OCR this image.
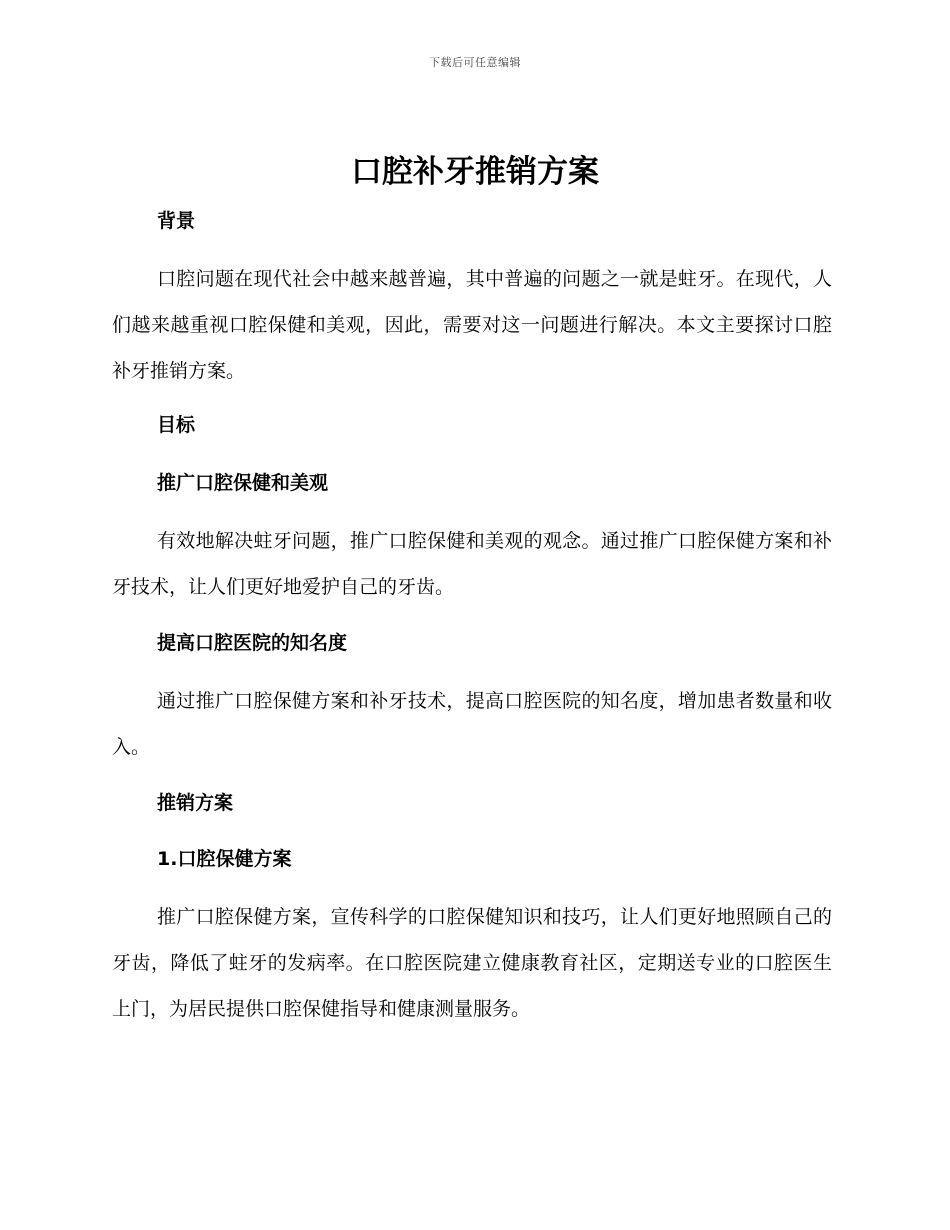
下载后可任意编辑
口腔补牙推销方案
背景
口腔问题在现代社会中越来越普遍，其中普遍的问题之一就是蛀牙。在现代，人们越来越重视口腔保健和美观，因此，需要对这一问题进行解决。本文主要探讨口腔补牙推销方案。
目标
推广口腔保健和美观
有效地解决蛀牙问题，推广口腔保健和美观的观念。通过推广口腔保健方案和补牙技术，让人们更好地爱护自己的牙齿。
提高口腔医院的知名度
通过推广口腔保健方案和补牙技术，提高口腔医院的知名度，增加患者数量和收入。
推销方案
1.口腔保健方案
推广口腔保健方案，宣传科学的口腔保健知识和技巧，让人们更好地照顾自己的牙齿，降低了蛀牙的发病率。在口腔医院建立健康教育社区，定期送专业的口腔医生上门，为居民提供口腔保健指导和健康测量服务。
